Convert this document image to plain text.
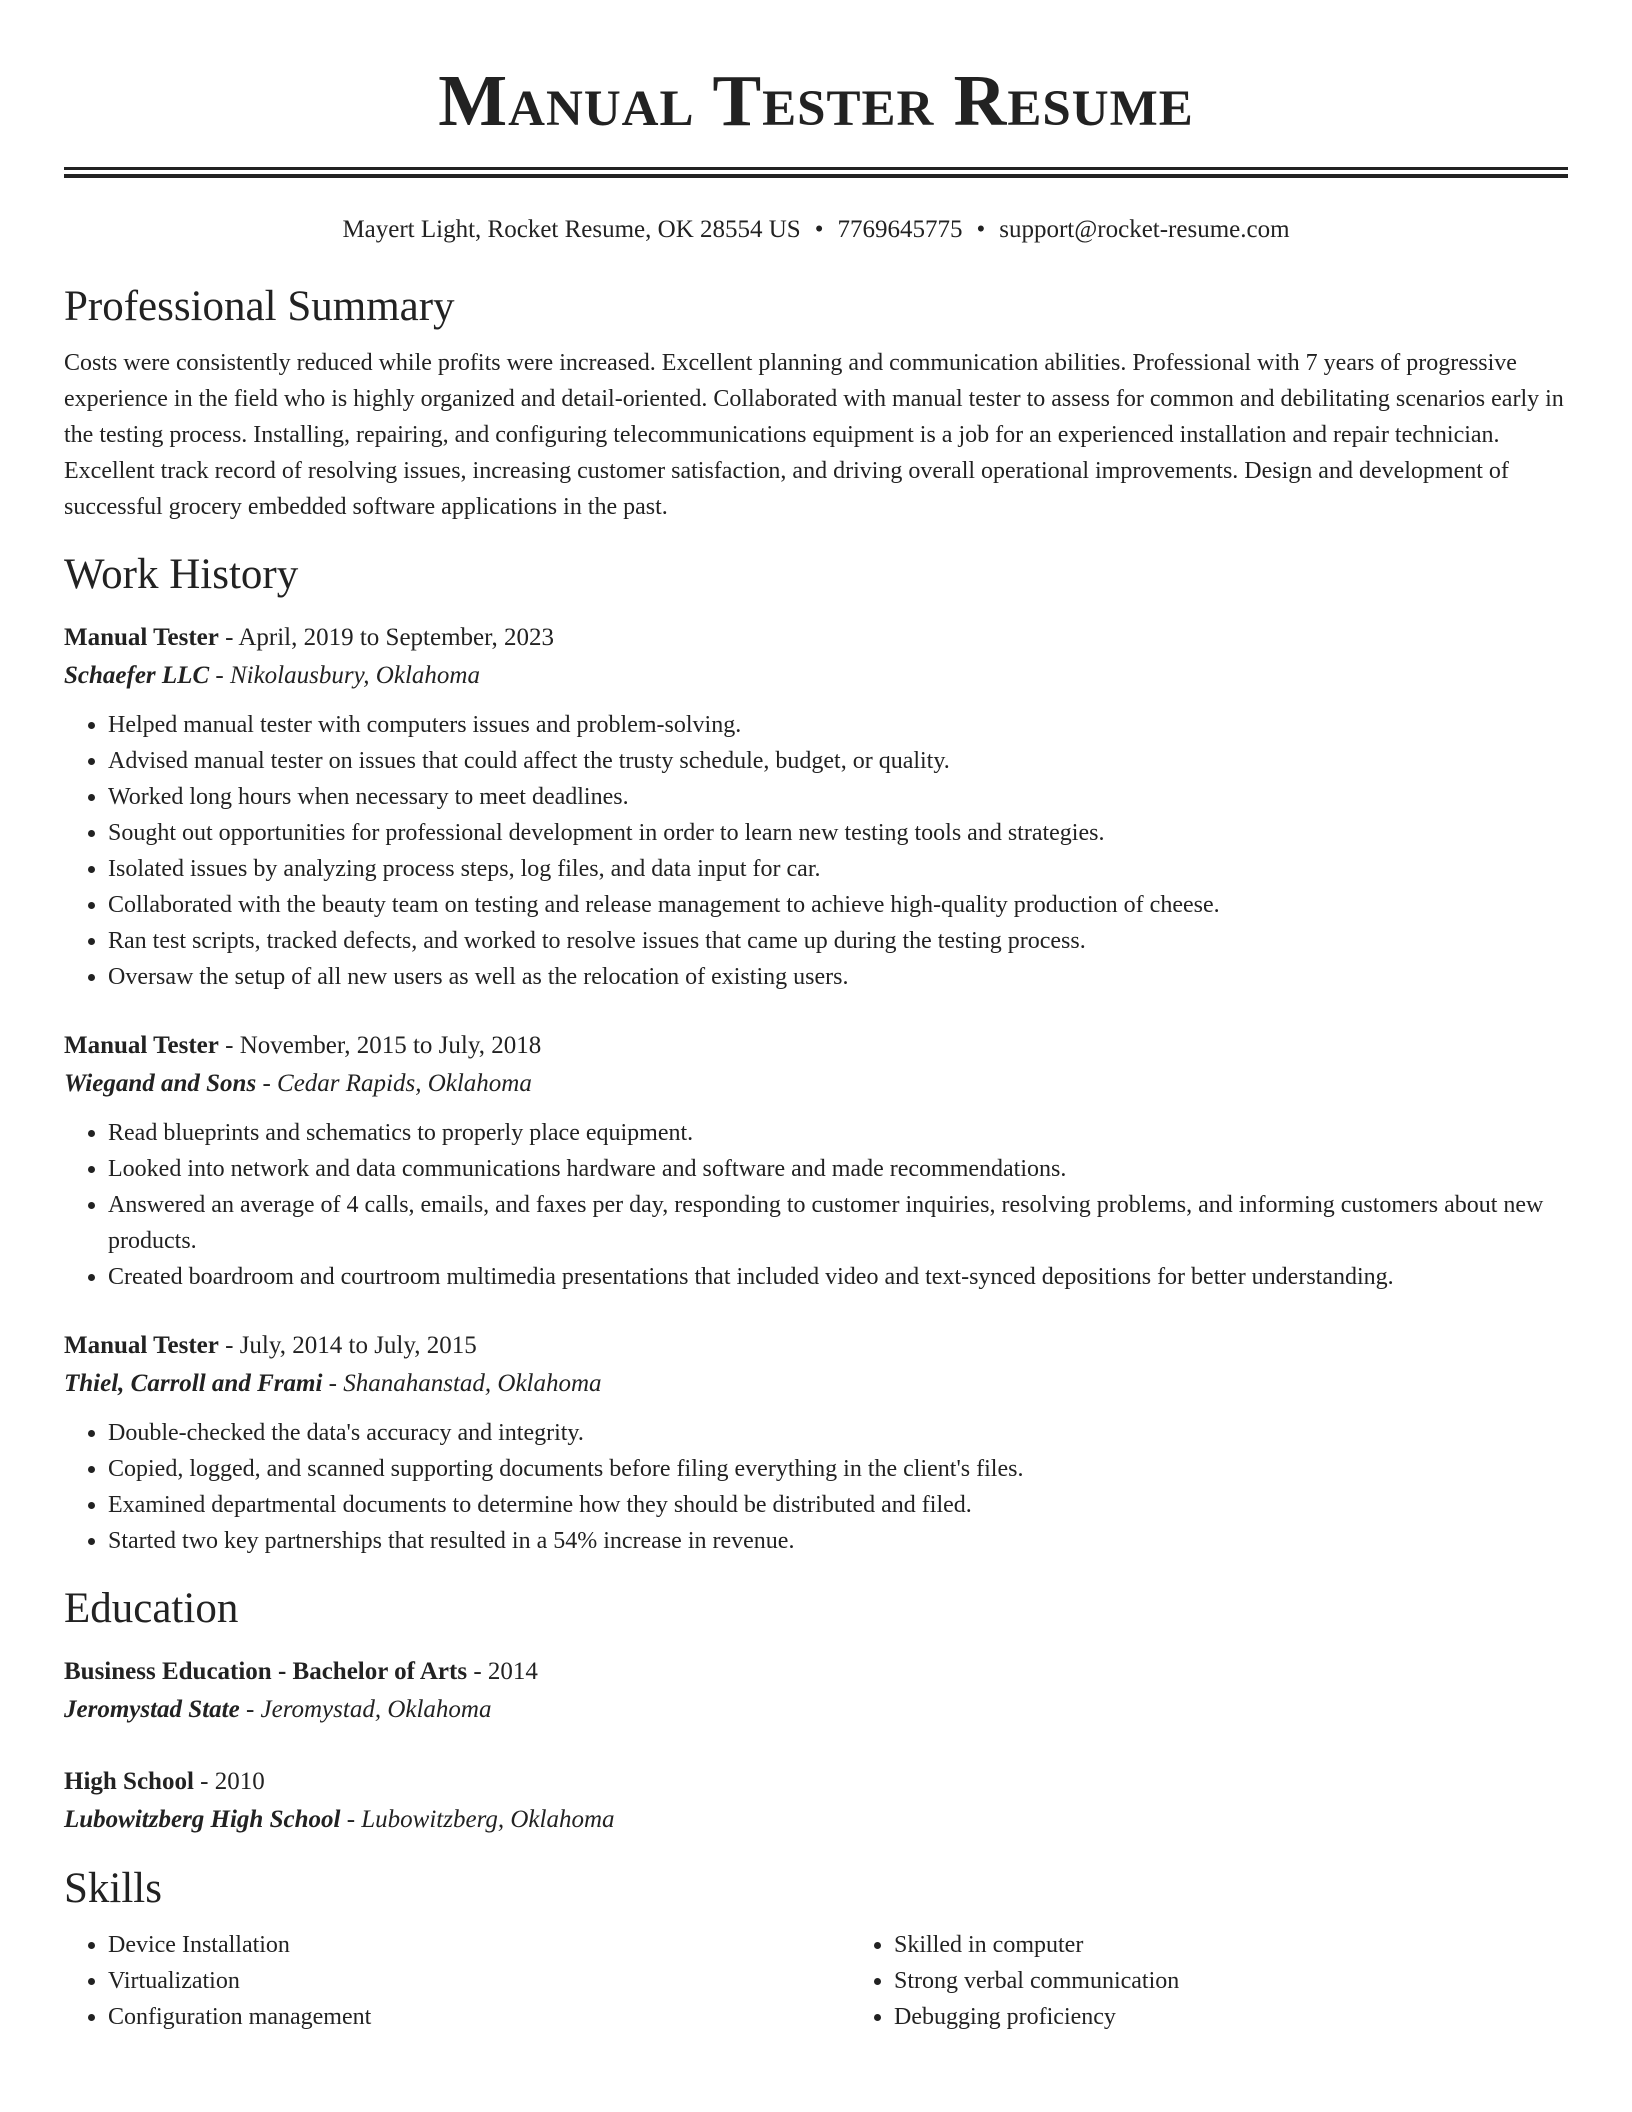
Manual Tester Resume
Mayert Light, Rocket Resume, OK 28554 US • 7769645775 • support@rocket-resume.com
Professional Summary

Costs were consistently reduced while profits were increased. Excellent planning and communication abilities. Professional with 7 years of progressive experience in the field who is highly organized and detail-oriented. Collaborated with manual tester to assess for common and debilitating scenarios early in the testing process. Installing, repairing, and configuring telecommunications equipment is a job for an experienced installation and repair technician. Excellent track record of resolving issues, increasing customer satisfaction, and driving overall operational improvements. Design and development of successful grocery embedded software applications in the past.

Work History
Manual Tester - April, 2019 to September, 2023
Schaefer LLC - Nikolausbury, Oklahoma
• Helped manual tester with computers issues and problem-solving.
• Advised manual tester on issues that could affect the trusty schedule, budget, or quality.
• Worked long hours when necessary to meet deadlines.
• Sought out opportunities for professional development in order to learn new testing tools and strategies.
• Isolated issues by analyzing process steps, log files, and data input for car.
• Collaborated with the beauty team on testing and release management to achieve high-quality production of cheese.
• Ran test scripts, tracked defects, and worked to resolve issues that came up during the testing process.
• Oversaw the setup of all new users as well as the relocation of existing users.
Manual Tester - November, 2015 to July, 2018
Wiegand and Sons - Cedar Rapids, Oklahoma
• Read blueprints and schematics to properly place equipment.
• Looked into network and data communications hardware and software and made recommendations.
• Answered an average of 4 calls, emails, and faxes per day, responding to customer inquiries, resolving problems, and informing customers about new products.
• Created boardroom and courtroom multimedia presentations that included video and text-synced depositions for better understanding.
Manual Tester - July, 2014 to July, 2015
Thiel, Carroll and Frami - Shanahanstad, Oklahoma
• Double-checked the data's accuracy and integrity.
• Copied, logged, and scanned supporting documents before filing everything in the client's files.
• Examined departmental documents to determine how they should be distributed and filed.
• Started two key partnerships that resulted in a 54% increase in revenue.
Education
Business Education - Bachelor of Arts - 2014
Jeromystad State - Jeromystad, Oklahoma
High School - 2010
Lubowitzberg High School - Lubowitzberg, Oklahoma
Skills
• Device Installation
• Virtualization
• Configuration management
• Skilled in computer
• Strong verbal communication
• Debugging proficiency
